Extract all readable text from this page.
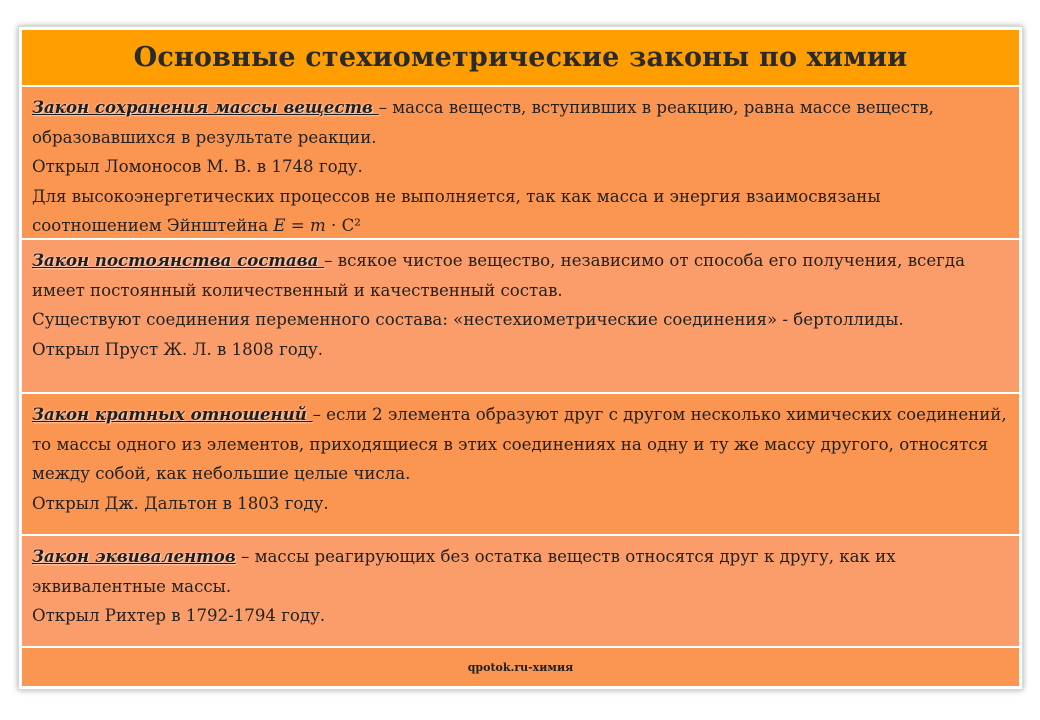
Основные стехиометрические законы по химии
Закон сохранения массы веществ – масса веществ, вступивших в реакцию, равна массе веществ, образовавшихся в результате реакции.
Открыл Ломоносов М. В. в 1748 году.
Для высокоэнергетических процессов не выполняется, так как масса и энергия взаимосвязаны соотношением Эйнштейна E = m · C²
Закон постоянства состава – всякое чистое вещество, независимо от способа его получения, всегда имеет постоянный количественный и качественный состав.
Существуют соединения переменного состава: «нестехиометрические соединения» - бертоллиды.
Открыл Пруст Ж. Л. в 1808 году.
Закон кратных отношений – если 2 элемента образуют друг с другом несколько химических соединений, то массы одного из элементов, приходящиеся в этих соединениях на одну и ту же массу другого, относятся между собой, как небольшие целые числа.
Открыл Дж. Дальтон в 1803 году.
Закон эквивалентов – массы реагирующих без остатка веществ относятся друг к другу, как их эквивалентные массы.
Открыл Рихтер в 1792-1794 году.
qpotok.ru-химия
